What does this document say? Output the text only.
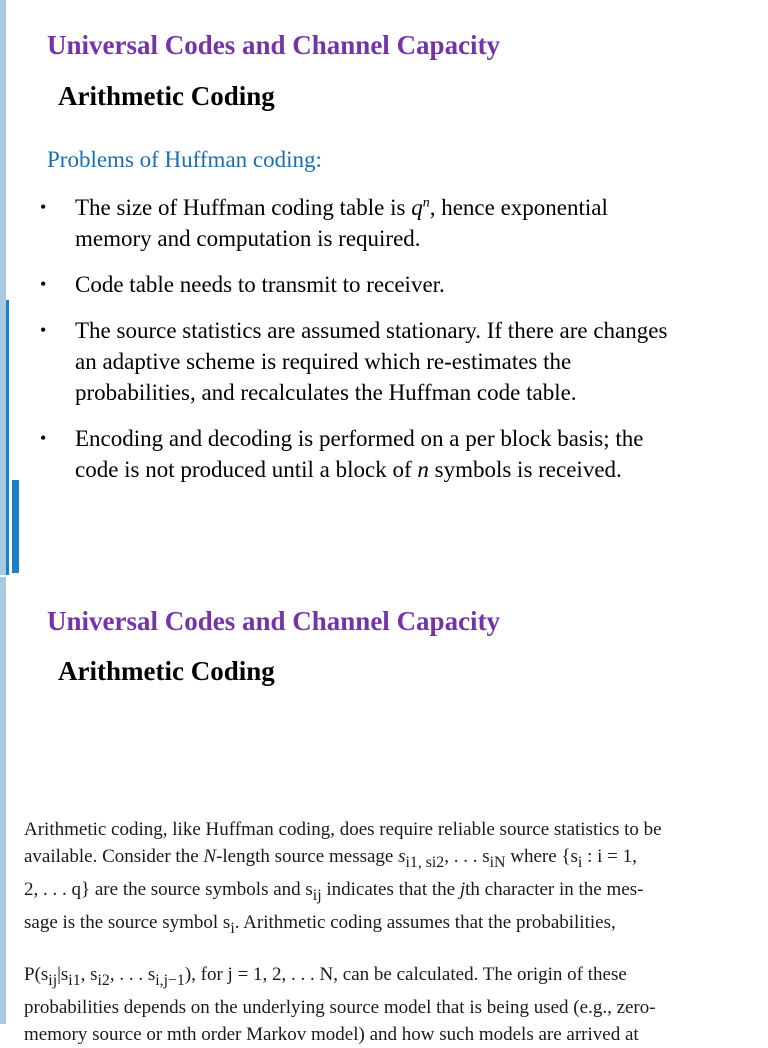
Universal Codes and Channel Capacity
Arithmetic Coding
Problems of Huffman coding:
•	The size of Huffman coding table is $q^n$, hence exponential
memory and computation is required.
•	Code table needs to transmit to receiver.
•	The source statistics are assumed stationary. If there are changes
an adaptive scheme is required which re-estimates the
probabilities, and recalculates the Huffman code table.
•	Encoding and decoding is performed on a per block basis; the
code is not produced until a block of n symbols is received.
Universal Codes and Channel Capacity
Arithmetic Coding
Arithmetic coding, like Huffman coding, does require reliable source statistics to be
available. Consider the N-length source message $s_{i1, si2}$, . . . $s_{iN}$ where {$s_i$ : i = 1,
2, . . . q} are the source symbols and $s_{ij}$ indicates that the jth character in the mes-
sage is the source symbol $s_i$. Arithmetic coding assumes that the probabilities,
$P(s_{ij}|s_{i1}$, $s_{i2}$, . . . $s_{i,j-1}$), for j = 1, 2, . . . N, can be calculated. The origin of these
probabilities depends on the underlying source model that is being used (e.g., zero-
memory source or mth order Markov model) and how such models are arrived at
